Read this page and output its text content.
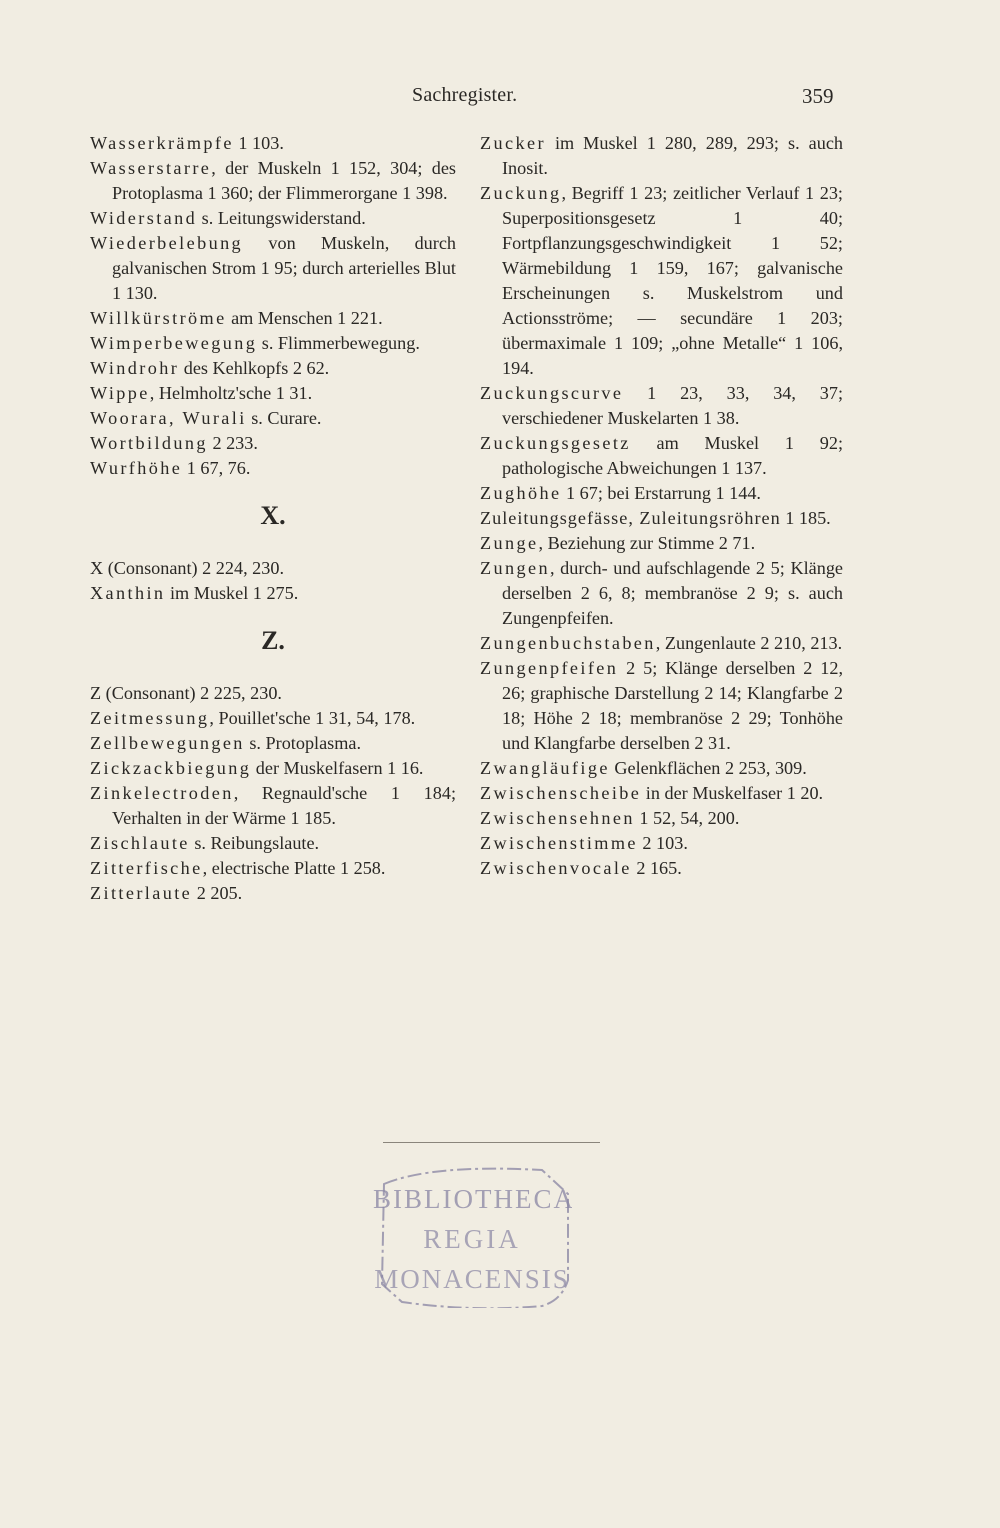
Sachregister.	359

Wasserkrämpfe 1 103.

Wasserstarre, der Muskeln 1 152, 304; des Protoplasma 1 360; der Flimmerorgane 1 398.

Widerstand s. Leitungswiderstand.

Wiederbelebung von Muskeln, durch galvanischen Strom 1 95; durch arterielles Blut 1 130.

Willkürströme am Menschen 1 221.

Wimperbewegung s. Flimmerbewegung.

Windrohr des Kehlkopfs 2 62.

Wippe, Helmholtz'sche 1 31.

Woorara, Wurali s. Curare.

Wortbildung 2 233.

Wurfhöhe 1 67, 76.

X.

X (Consonant) 2 224, 230.

Xanthin im Muskel 1 275.

Z.

Z (Consonant) 2 225, 230.

Zeitmessung, Pouillet'sche 1 31, 54, 178.

Zellbewegungen s. Protoplasma.

Zickzackbiegung der Muskelfasern 1 16.

Zinkelectroden, Regnauld'sche 1 184; Verhalten in der Wärme 1 185.

Zischlaute s. Reibungslaute.

Zitterfische, electrische Platte 1 258.

Zitterlaute 2 205.

Zucker im Muskel 1 280, 289, 293; s. auch Inosit.

Zuckung, Begriff 1 23; zeitlicher Verlauf 1 23; Superpositionsgesetz 1 40; Fortpflanzungsgeschwindigkeit 1 52; Wärmebildung 1 159, 167; galvanische Erscheinungen s. Muskelstrom und Actionsströme; — secundäre 1 203; übermaximale 1 109; „ohne Metalle“ 1 106, 194.

Zuckungscurve 1 23, 33, 34, 37; verschiedener Muskelarten 1 38.

Zuckungsgesetz am Muskel 1 92; pathologische Abweichungen 1 137.

Zughöhe 1 67; bei Erstarrung 1 144.

Zuleitungsgefässe, Zuleitungsröhren 1 185.

Zunge, Beziehung zur Stimme 2 71.

Zungen, durch- und aufschlagende 2 5; Klänge derselben 2 6, 8; membranöse 2 9; s. auch Zungenpfeifen.

Zungenbuchstaben, Zungenlaute 2 210, 213.

Zungenpfeifen 2 5; Klänge derselben 2 12, 26; graphische Darstellung 2 14; Klangfarbe 2 18; Höhe 2 18; membranöse 2 29; Tonhöhe und Klangfarbe derselben 2 31.

Zwangläufige Gelenkflächen 2 253, 309.

Zwischenscheibe in der Muskelfaser 1 20.

Zwischensehnen 1 52, 54, 200.

Zwischenstimme 2 103.

Zwischenvocale 2 165.

BIBLIOTHECA
REGIA
MONACENSIS
